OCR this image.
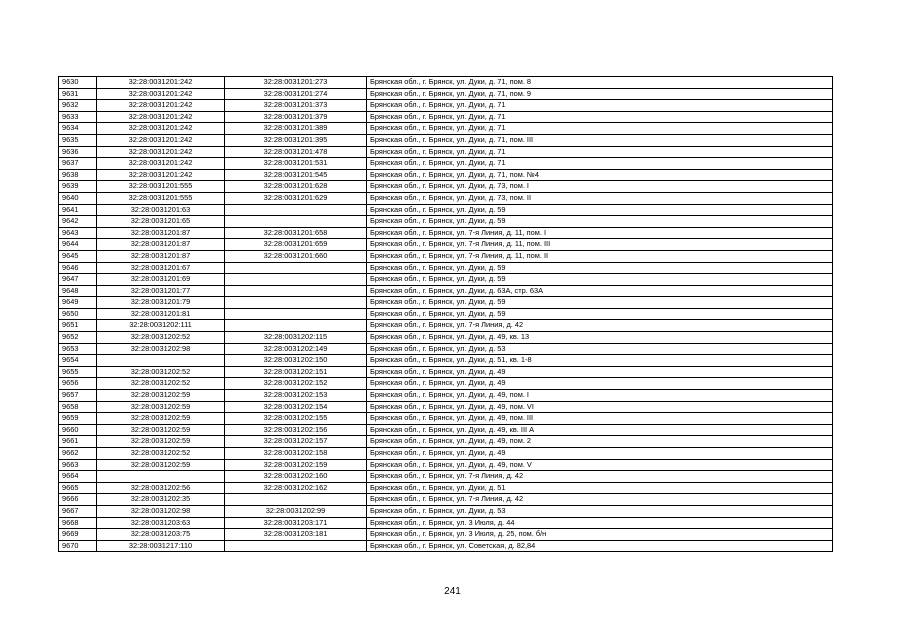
9630	32:28:0031201:242	32:28:0031201:273	Брянская обл., г. Брянск, ул. Дуки, д. 71, пом. 8
9631	32:28:0031201:242	32:28:0031201:274	Брянская обл., г. Брянск, ул. Дуки, д. 71, пом. 9
9632	32:28:0031201:242	32:28:0031201:373	Брянская обл., г. Брянск, ул. Дуки, д. 71
9633	32:28:0031201:242	32:28:0031201:379	Брянская обл., г. Брянск, ул. Дуки, д. 71
9634	32:28:0031201:242	32:28:0031201:389	Брянская обл., г. Брянск, ул. Дуки, д. 71
9635	32:28:0031201:242	32:28:0031201:395	Брянская обл., г. Брянск, ул. Дуки, д. 71, пом. III
9636	32:28:0031201:242	32:28:0031201:478	Брянская обл., г. Брянск, ул. Дуки, д. 71
9637	32:28:0031201:242	32:28:0031201:531	Брянская обл., г. Брянск, ул. Дуки, д. 71
9638	32:28:0031201:242	32:28:0031201:545	Брянская обл., г. Брянск, ул. Дуки, д. 71, пом. №4
9639	32:28:0031201:555	32:28:0031201:628	Брянская обл., г. Брянск, ул. Дуки, д. 73, пом. I
9640	32:28:0031201:555	32:28:0031201:629	Брянская обл., г. Брянск, ул. Дуки, д. 73, пом. II
9641	32:28:0031201:63		Брянская обл., г. Брянск, ул. Дуки, д. 59
9642	32:28:0031201:65		Брянская обл., г. Брянск, ул. Дуки, д. 59
9643	32:28:0031201:87	32:28:0031201:658	Брянская обл., г. Брянск, ул. 7-я Линия, д. 11, пом. I
9644	32:28:0031201:87	32:28:0031201:659	Брянская обл., г. Брянск, ул. 7-я Линия, д. 11, пом. III
9645	32:28:0031201:87	32:28:0031201:660	Брянская обл., г. Брянск, ул. 7-я Линия, д. 11, пом. II
9646	32:28:0031201:67		Брянская обл., г. Брянск, ул. Дуки, д. 59
9647	32:28:0031201:69		Брянская обл., г. Брянск, ул. Дуки, д. 59
9648	32:28:0031201:77		Брянская обл., г. Брянск, ул. Дуки, д. 63А, стр. 63А
9649	32:28:0031201:79		Брянская обл., г. Брянск, ул. Дуки, д. 59
9650	32:28:0031201:81		Брянская обл., г. Брянск, ул. Дуки, д. 59
9651	32:28:0031202:111		Брянская обл., г. Брянск, ул. 7-я Линия, д. 42
9652	32:28:0031202:52	32:28:0031202:115	Брянская обл., г. Брянск, ул. Дуки, д. 49, кв. 13
9653	32:28:0031202:98	32:28:0031202:149	Брянская обл., г. Брянск, ул. Дуки, д. 53
9654		32:28:0031202:150	Брянская обл., г. Брянск, ул. Дуки, д. 51, кв. 1-8
9655	32:28:0031202:52	32:28:0031202:151	Брянская обл., г. Брянск, ул. Дуки, д. 49
9656	32:28:0031202:52	32:28:0031202:152	Брянская обл., г. Брянск, ул. Дуки, д. 49
9657	32:28:0031202:59	32:28:0031202:153	Брянская обл., г. Брянск, ул. Дуки, д. 49, пом. I
9658	32:28:0031202:59	32:28:0031202:154	Брянская обл., г. Брянск, ул. Дуки, д. 49, пом. VI
9659	32:28:0031202:59	32:28:0031202:155	Брянская обл., г. Брянск, ул. Дуки, д. 49, пом. III
9660	32:28:0031202:59	32:28:0031202:156	Брянская обл., г. Брянск, ул. Дуки, д. 49, кв. III А
9661	32:28:0031202:59	32:28:0031202:157	Брянская обл., г. Брянск, ул. Дуки, д. 49, пом. 2
9662	32:28:0031202:52	32:28:0031202:158	Брянская обл., г. Брянск, ул. Дуки, д. 49
9663	32:28:0031202:59	32:28:0031202:159	Брянская обл., г. Брянск, ул. Дуки, д. 49, пом. V
9664		32:28:0031202:160	Брянская обл., г. Брянск, ул. 7-я Линия, д. 42
9665	32:28:0031202:56	32:28:0031202:162	Брянская обл., г. Брянск, ул. Дуки, д. 51
9666	32:28:0031202:35		Брянская обл., г. Брянск, ул. 7-я Линия, д. 42
9667	32:28:0031202:98	32:28:0031202:99	Брянская обл., г. Брянск, ул. Дуки, д. 53
9668	32:28:0031203:63	32:28:0031203:171	Брянская обл., г. Брянск, ул. 3 Июля, д. 44
9669	32:28:0031203:75	32:28:0031203:181	Брянская обл., г. Брянск, ул. 3 Июля, д. 25, пом. б/н
9670	32:28:0031217:110		Брянская обл., г. Брянск, ул. Советская, д. 82,84
241
